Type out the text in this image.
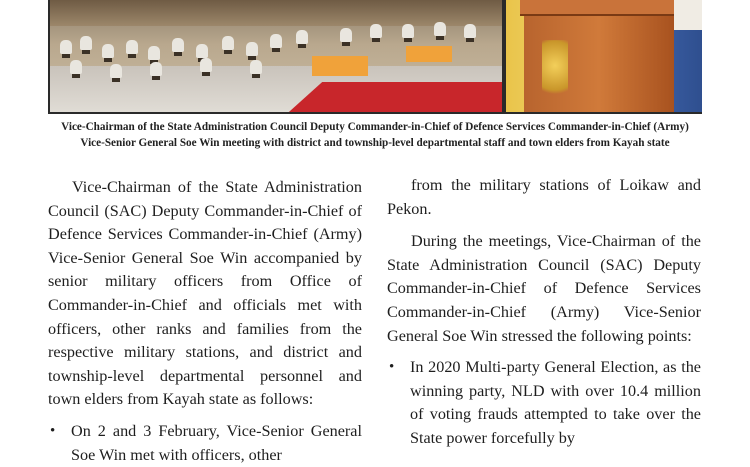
Vice-Chairman of the State Administration Council Deputy Commander-in-Chief of Defence Services Commander-in-Chief (Army) Vice-Senior General Soe Win meeting with district and township-level departmental staff and town elders from Kayah state

Vice-Chairman of the State Administration Council (SAC) Deputy Commander-in-Chief of Defence Services Commander-in-Chief (Army) Vice-Senior General Soe Win accompanied by senior military officers from Office of Commander-in-Chief and officials met with officers, other ranks and families from the respective military stations, and district and township-level departmental personnel and town elders from Kayah state as follows:

• On 2 and 3 February, Vice-Senior General Soe Win met with officers, other

from the military stations of Loikaw and Pekon.

During the meetings, Vice-Chairman of the State Administration Council (SAC) Deputy Commander-in-Chief of Defence Services Commander-in-Chief (Army) Vice-Senior General Soe Win stressed the following points:

• In 2020 Multi-party General Election, as the winning party, NLD with over 10.4 million of voting frauds attempted to take over the State power forcefully by
